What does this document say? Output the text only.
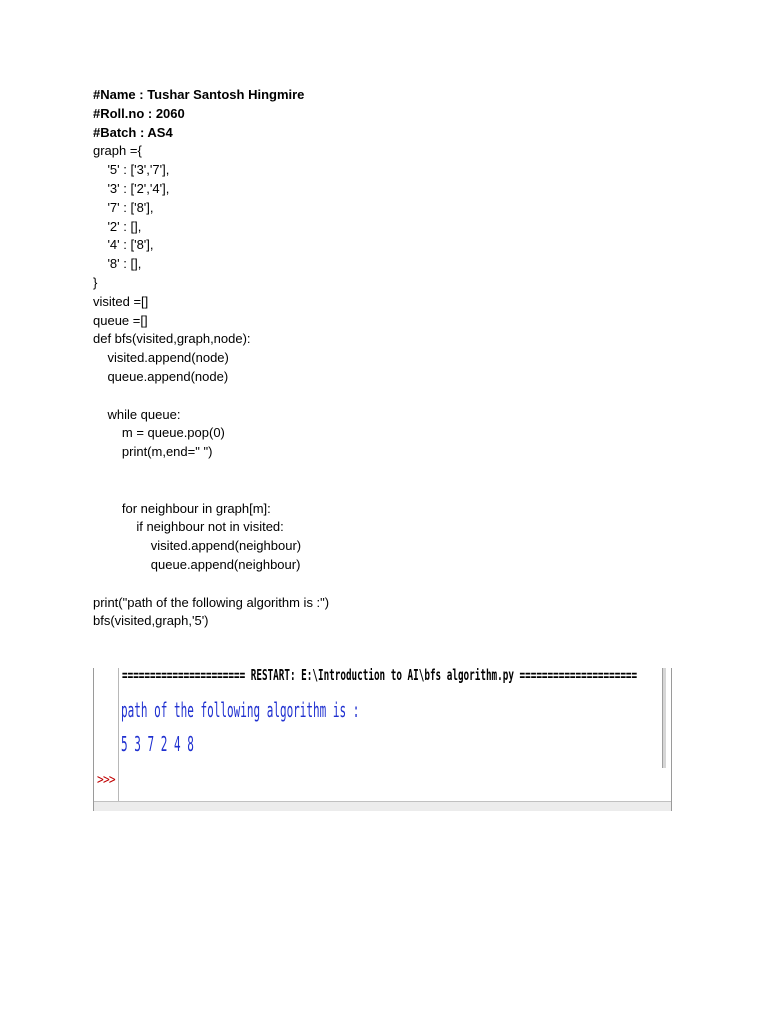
#Name : Tushar Santosh Hingmire
#Roll.no : 2060
#Batch : AS4
graph ={
'5' : ['3','7'],
'3' : ['2','4'],
'7' : ['8'],
'2' : [],
'4' : ['8'],
'8' : [],
}
visited =[]
queue =[]
def bfs(visited,graph,node):
visited.append(node)
queue.append(node)
while queue:
m = queue.pop(0)
print(m,end=" ")
for neighbour in graph[m]:
if neighbour not in visited:
visited.append(neighbour)
queue.append(neighbour)
print("path of the following algorithm is :")
bfs(visited,graph,'5')
====================== RESTART: E:\Introduction to AI\bfs algorithm.py =====================
path of the following algorithm is :
5 3 7 2 4 8
>>>
